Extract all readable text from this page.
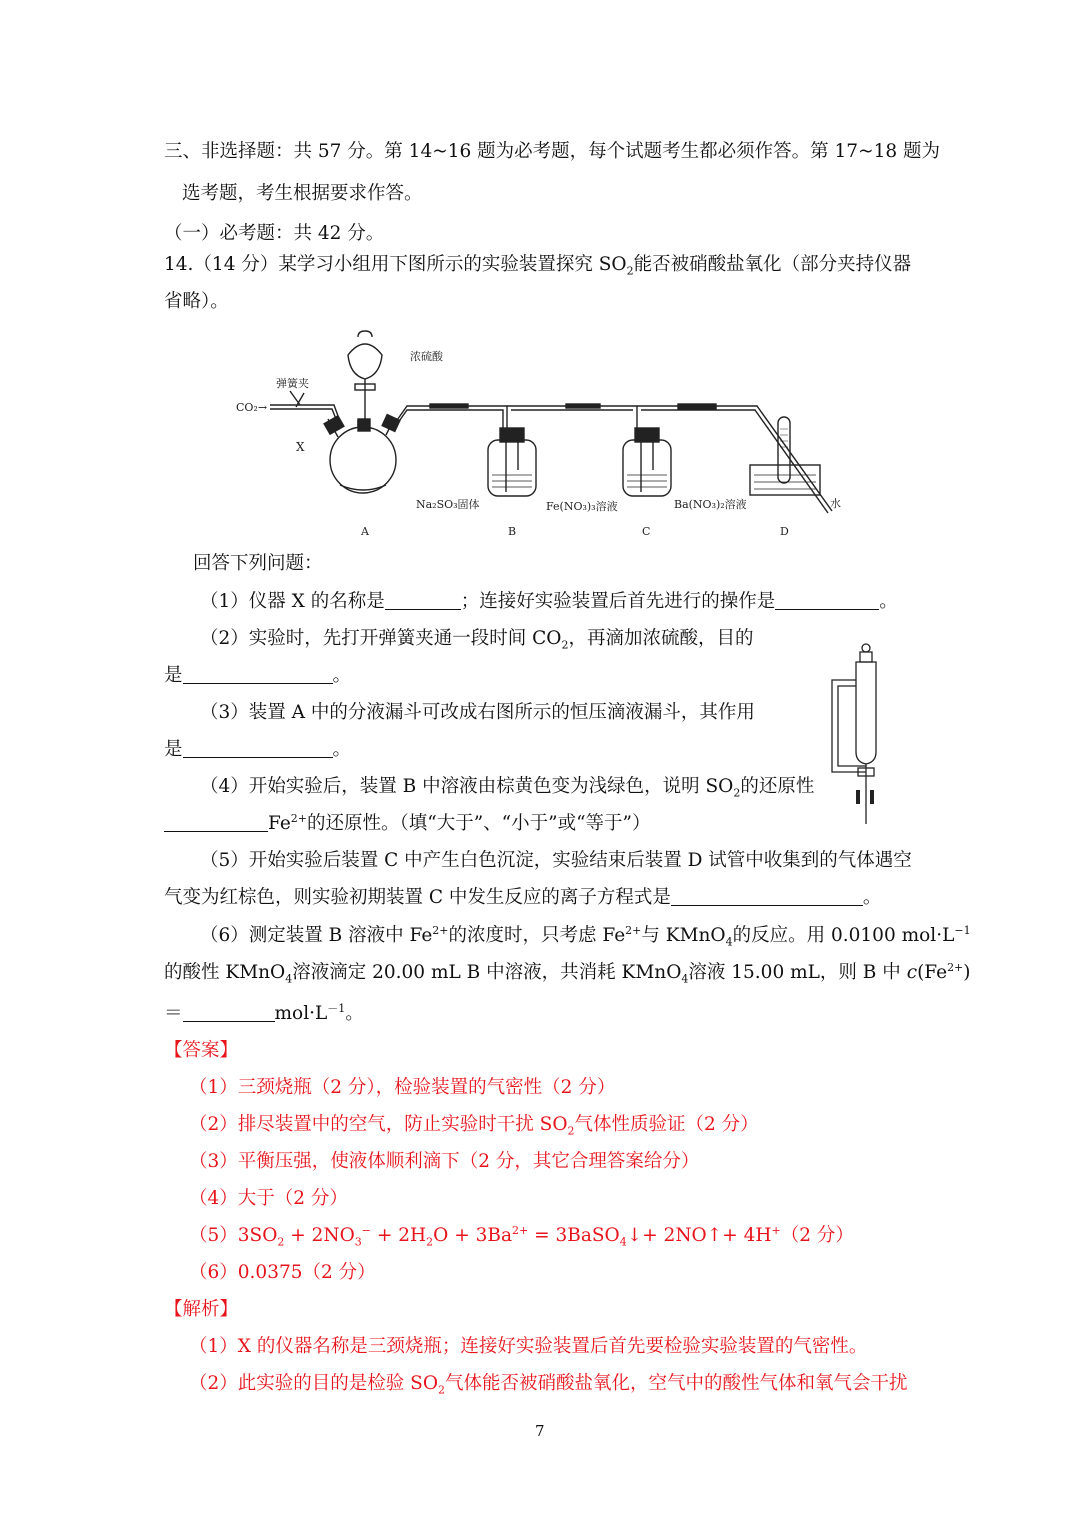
三、非选择题：共 57 分。第 14~16 题为必考题，每个试题考生都必须作答。第 17~18 题为
选考题，考生根据要求作答。
（一）必考题：共 42 分。
14.（14 分）某学习小组用下图所示的实验装置探究 $SO_2$能否被硝酸盐氧化（部分夹持仪器
省略）。
浓硫酸
弹簧夹
CO₂→
X
Na₂SO₃固体	Fe(NO₃)₃溶液	Ba(NO₃)₂溶液	水
A	B	C	D
回答下列问题：
（1）仪器 X 的名称是	；连接好实验装置后首先进行的操作是	。
（2）实验时，先打开弹簧夹通一段时间 $CO_2$，再滴加浓硫酸，目的
是	。
（3）装置 A 中的分液漏斗可改成右图所示的恒压滴液漏斗，其作用
是	。
（4）开始实验后，装置 B 中溶液由棕黄色变为浅绿色，说明 $SO_2$的还原性
$Fe^{2+}$的还原性。（填“大于”、“小于”或“等于”）
（5）开始实验后装置 C 中产生白色沉淀，实验结束后装置 D 试管中收集到的气体遇空
气变为红棕色，则实验初期装置 C 中发生反应的离子方程式是	。
（6）测定装置 B 溶液中 $Fe^{2+}$的浓度时，只考虑 $Fe^{2+}$与 KMnO$_4$的反应。用 0.0100 $mol\cdot L^{-1}$
的酸性 KMnO$_4$溶液滴定 20.00 mL B 中溶液，共消耗 KMnO$_4$溶液 15.00 mL，则 B 中 $c(Fe^{2+})$
＝	$mol\cdot L^{-1}$。
【答案】
（1）三颈烧瓶（2 分），检验装置的气密性（2 分）
（2）排尽装置中的空气，防止实验时干扰 $SO_2$气体性质验证（2 分）
（3）平衡压强，使液体顺利滴下（2 分，其它合理答案给分）
（4）大于（2 分）
$(5)3SO_2 + 2NO_3^- + 2H_2O + 3Ba^{2+}$ = 3BaSO$_4$↓+ 2NO↑+ 4H+（2 分）
（6）0.0375（2 分）
【解析】
（1）X 的仪器名称是三颈烧瓶；连接好实验装置后首先要检验实验装置的气密性。
（2）此实验的目的是检验 $SO_2$气体能否被硝酸盐氧化，空气中的酸性气体和氧气会干扰
7
